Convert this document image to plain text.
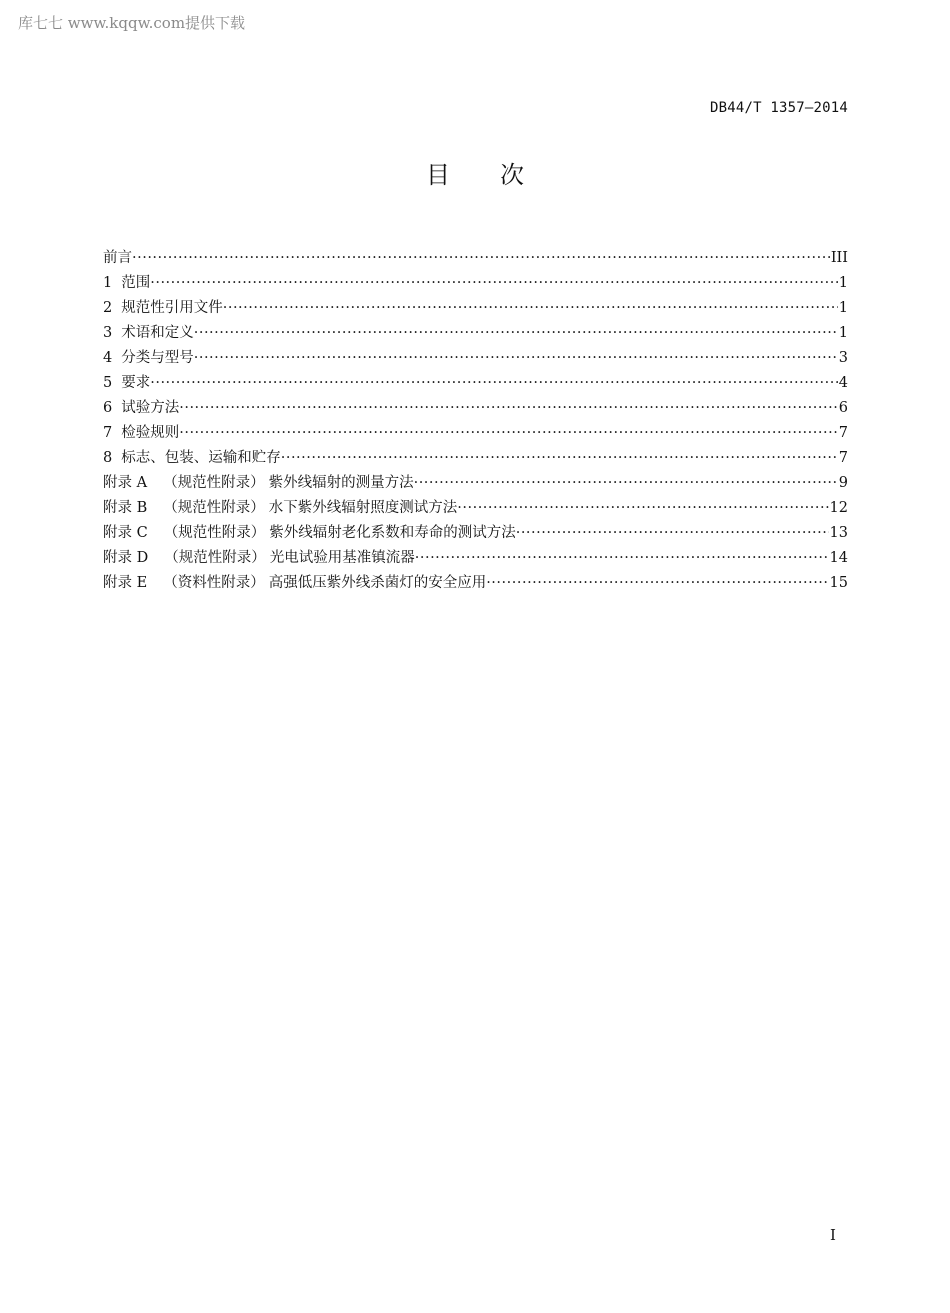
库七七 www.kqqw.com提供下载
DB44/T 1357—2014
目次
前言 ·····	III
1 范围 ·····	1
2 规范性引用文件 ·····	1
3 术语和定义 ·····	1
4 分类与型号 ·····	3
5 要求 ·····	4
6 试验方法 ·····	6
7 检验规则 ·····	7
8 标志、包装、运输和贮存 ·····	7
附录 A （规范性附录） 紫外线辐射的测量方法 ·····	9
附录 B （规范性附录） 水下紫外线辐射照度测试方法 ·····	12
附录 C （规范性附录） 紫外线辐射老化系数和寿命的测试方法 ·····	13
附录 D （规范性附录） 光电试验用基准镇流器 ·····	14
附录 E （资料性附录） 高强低压紫外线杀菌灯的安全应用 ·····	15
I
